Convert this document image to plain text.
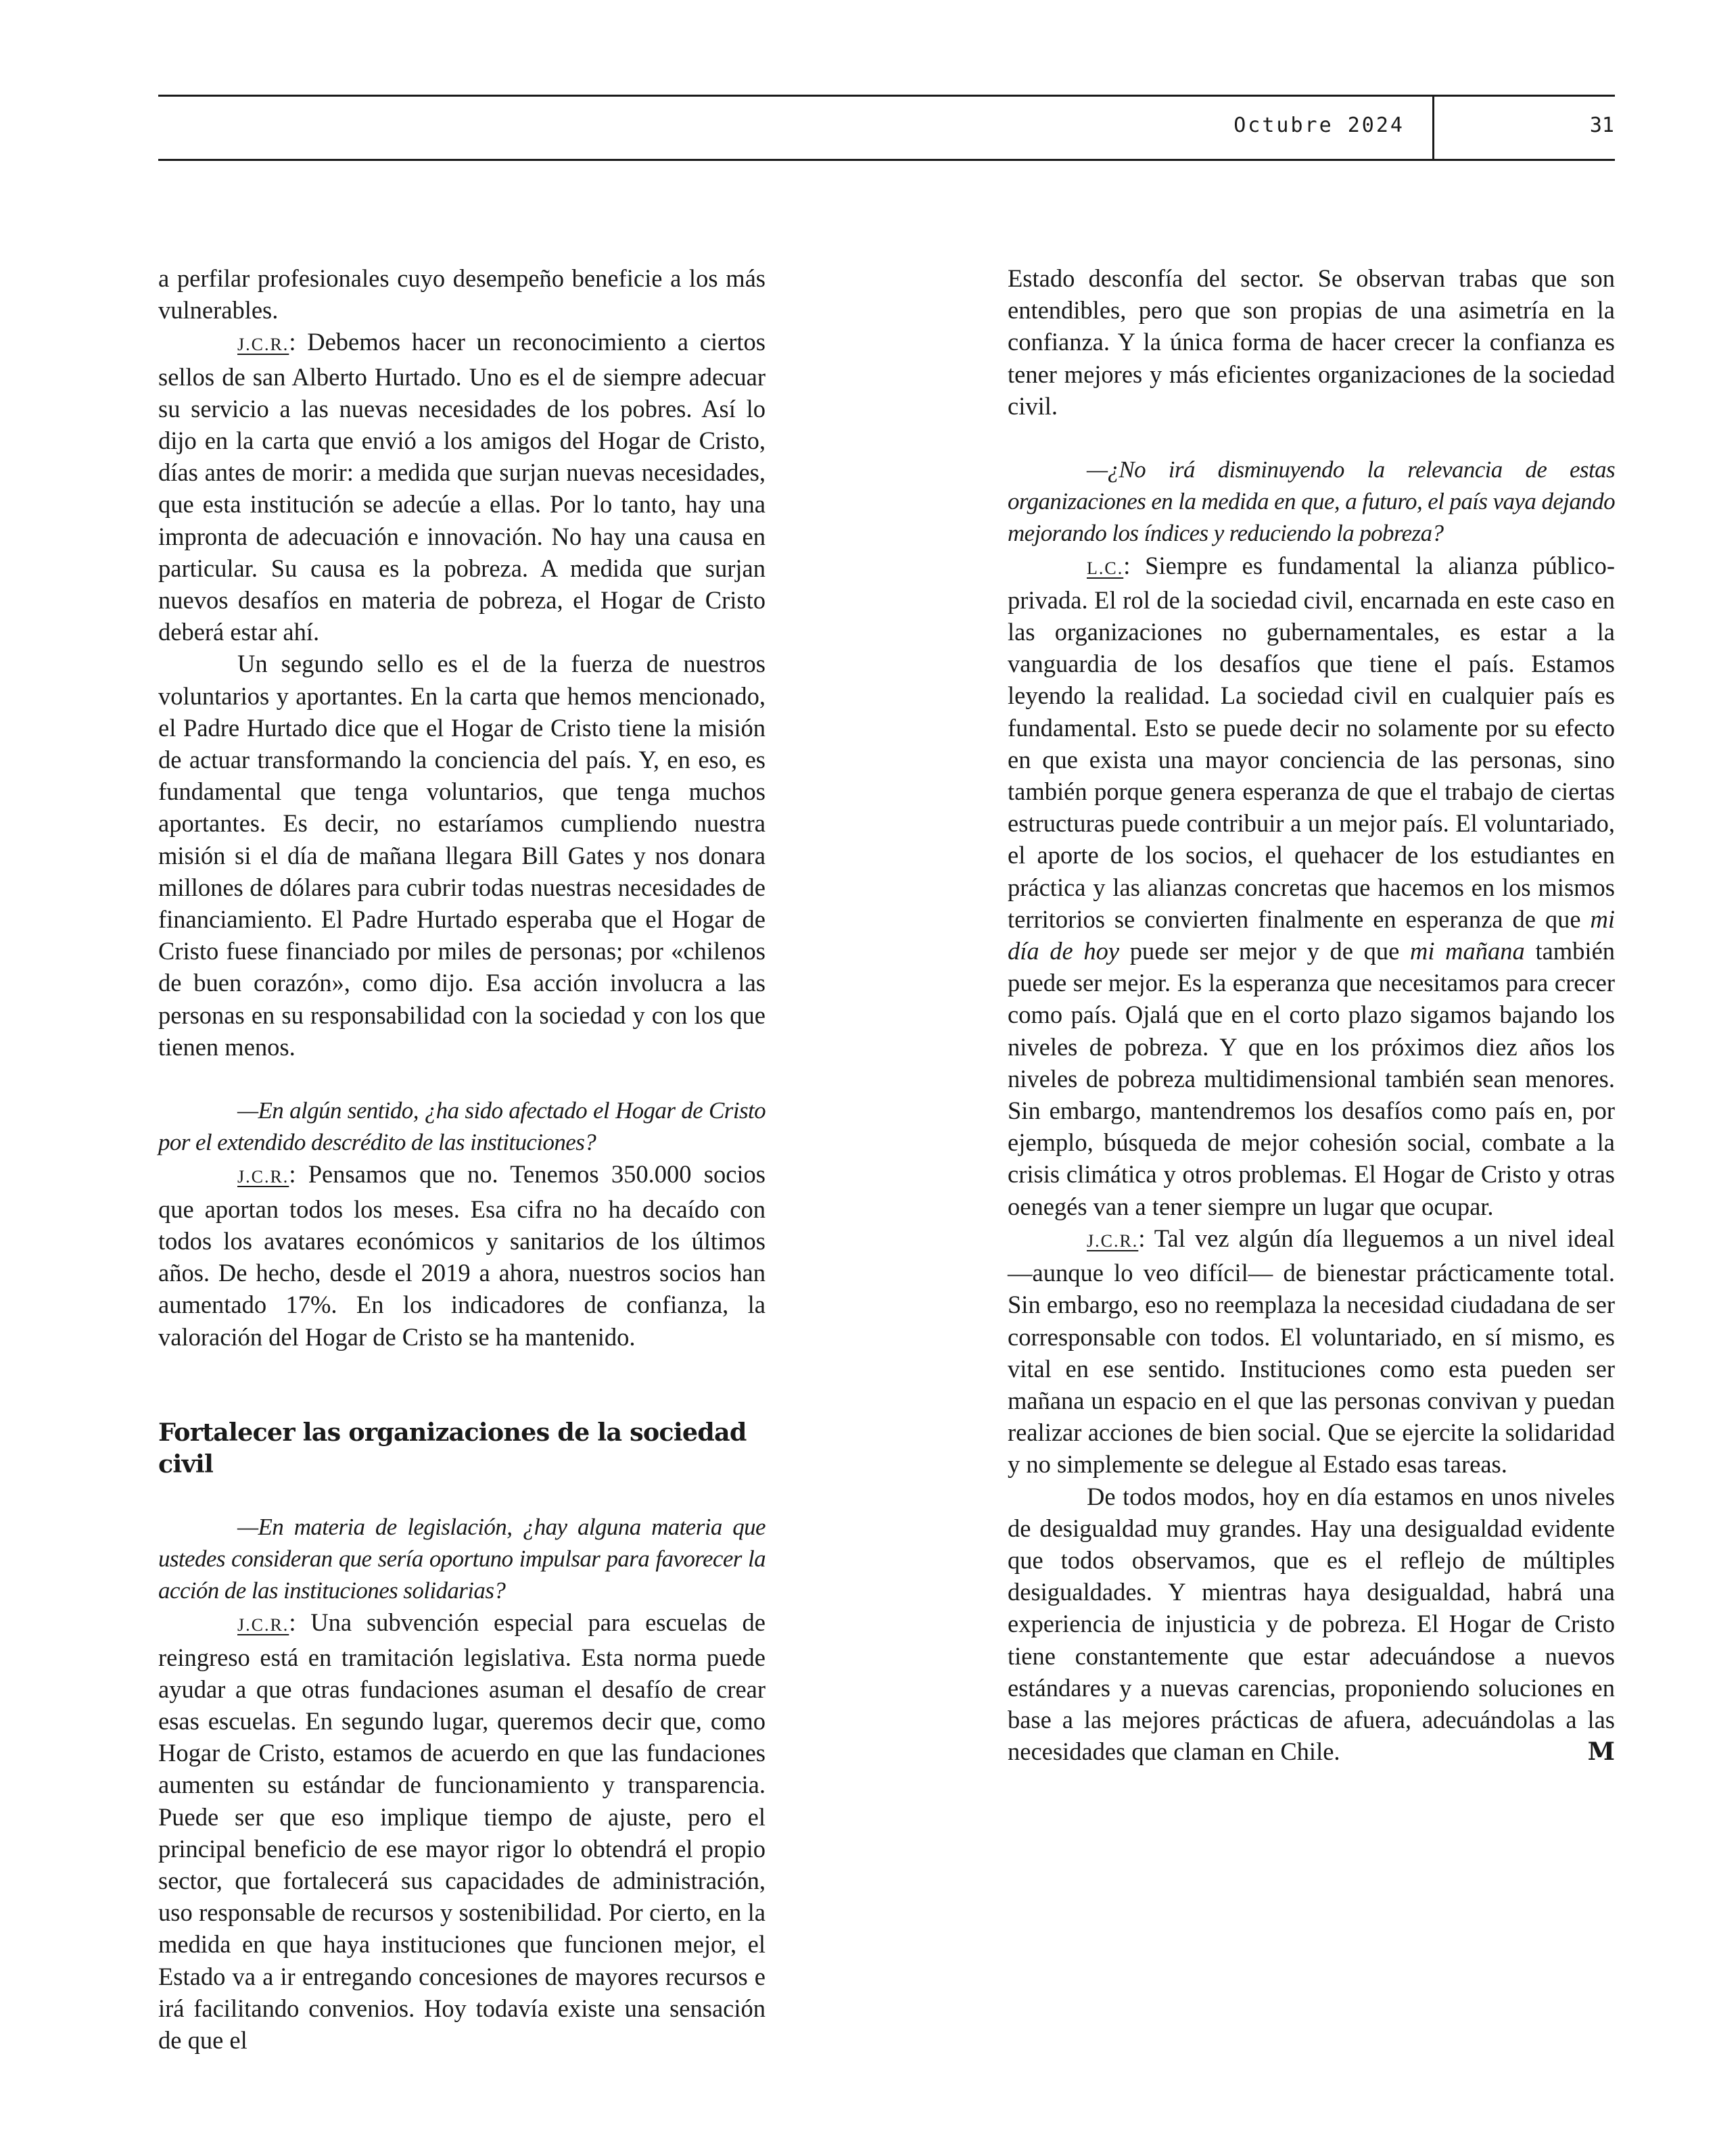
Octubre 2024	31

a perfilar profesionales cuyo desempeño beneficie a los más vulnerables.

J.C.R.: Debemos hacer un reconocimiento a ciertos sellos de san Alberto Hurtado. Uno es el de siempre adecuar su servicio a las nuevas necesidades de los pobres. Así lo dijo en la carta que envió a los amigos del Hogar de Cristo, días antes de morir: a medida que surjan nuevas necesidades, que esta institución se adecúe a ellas. Por lo tanto, hay una impronta de adecuación e innovación. No hay una causa en particular. Su causa es la pobreza. A medida que surjan nuevos desafíos en materia de pobreza, el Hogar de Cristo deberá estar ahí.

Un segundo sello es el de la fuerza de nuestros voluntarios y aportantes. En la carta que hemos mencionado, el Padre Hurtado dice que el Hogar de Cristo tiene la misión de actuar transformando la conciencia del país. Y, en eso, es fundamental que tenga voluntarios, que tenga muchos aportantes. Es decir, no estaríamos cumpliendo nuestra misión si el día de mañana llegara Bill Gates y nos donara millones de dólares para cubrir todas nuestras necesidades de financiamiento. El Padre Hurtado esperaba que el Hogar de Cristo fuese financiado por miles de personas; por «chilenos de buen corazón», como dijo. Esa acción involucra a las personas en su responsabilidad con la sociedad y con los que tienen menos.

—En algún sentido, ¿ha sido afectado el Hogar de Cristo por el extendido descrédito de las instituciones?

J.C.R.: Pensamos que no. Tenemos 350.000 socios que aportan todos los meses. Esa cifra no ha decaído con todos los avatares económicos y sanitarios de los últimos años. De hecho, desde el 2019 a ahora, nuestros socios han aumentado 17%. En los indicadores de confianza, la valoración del Hogar de Cristo se ha mantenido.

Fortalecer las organizaciones de la sociedad civil

—En materia de legislación, ¿hay alguna materia que ustedes consideran que sería oportuno impulsar para favorecer la acción de las instituciones solidarias?

J.C.R.: Una subvención especial para escuelas de reingreso está en tramitación legislativa. Esta norma puede ayudar a que otras fundaciones asuman el desafío de crear esas escuelas. En segundo lugar, queremos decir que, como Hogar de Cristo, estamos de acuerdo en que las fundaciones aumenten su estándar de funcionamiento y transparencia. Puede ser que eso implique tiempo de ajuste, pero el principal beneficio de ese mayor rigor lo obtendrá el propio sector, que fortalecerá sus capacidades de administración, uso responsable de recursos y sostenibilidad. Por cierto, en la medida en que haya instituciones que funcionen mejor, el Estado va a ir entregando concesiones de mayores recursos e irá facilitando convenios. Hoy todavía existe una sensación de que el

Estado desconfía del sector. Se observan trabas que son entendibles, pero que son propias de una asimetría en la confianza. Y la única forma de hacer crecer la confianza es tener mejores y más eficientes organizaciones de la sociedad civil.

—¿No irá disminuyendo la relevancia de estas organizaciones en la medida en que, a futuro, el país vaya dejando mejorando los índices y reduciendo la pobreza?

L.C.: Siempre es fundamental la alianza público-privada. El rol de la sociedad civil, encarnada en este caso en las organizaciones no gubernamentales, es estar a la vanguardia de los desafíos que tiene el país. Estamos leyendo la realidad. La sociedad civil en cualquier país es fundamental. Esto se puede decir no solamente por su efecto en que exista una mayor conciencia de las personas, sino también porque genera esperanza de que el trabajo de ciertas estructuras puede contribuir a un mejor país. El voluntariado, el aporte de los socios, el quehacer de los estudiantes en práctica y las alianzas concretas que hacemos en los mismos territorios se convierten finalmente en esperanza de que mi día de hoy puede ser mejor y de que mi mañana también puede ser mejor. Es la esperanza que necesitamos para crecer como país. Ojalá que en el corto plazo sigamos bajando los niveles de pobreza. Y que en los próximos diez años los niveles de pobreza multidimensional también sean menores. Sin embargo, mantendremos los desafíos como país en, por ejemplo, búsqueda de mejor cohesión social, combate a la crisis climática y otros problemas. El Hogar de Cristo y otras oenegés van a tener siempre un lugar que ocupar.

J.C.R.: Tal vez algún día lleguemos a un nivel ideal —aunque lo veo difícil— de bienestar prácticamente total. Sin embargo, eso no reemplaza la necesidad ciudadana de ser corresponsable con todos. El voluntariado, en sí mismo, es vital en ese sentido. Instituciones como esta pueden ser mañana un espacio en el que las personas convivan y puedan realizar acciones de bien social. Que se ejercite la solidaridad y no simplemente se delegue al Estado esas tareas.

De todos modos, hoy en día estamos en unos niveles de desigualdad muy grandes. Hay una desigualdad evidente que todos observamos, que es el reflejo de múltiples desigualdades. Y mientras haya desigualdad, habrá una experiencia de injusticia y de pobreza. El Hogar de Cristo tiene constantemente que estar adecuándose a nuevos estándares y a nuevas carencias, proponiendo soluciones en base a las mejores prácticas de afuera, adecuándolas a las necesidades que claman en Chile.	M
